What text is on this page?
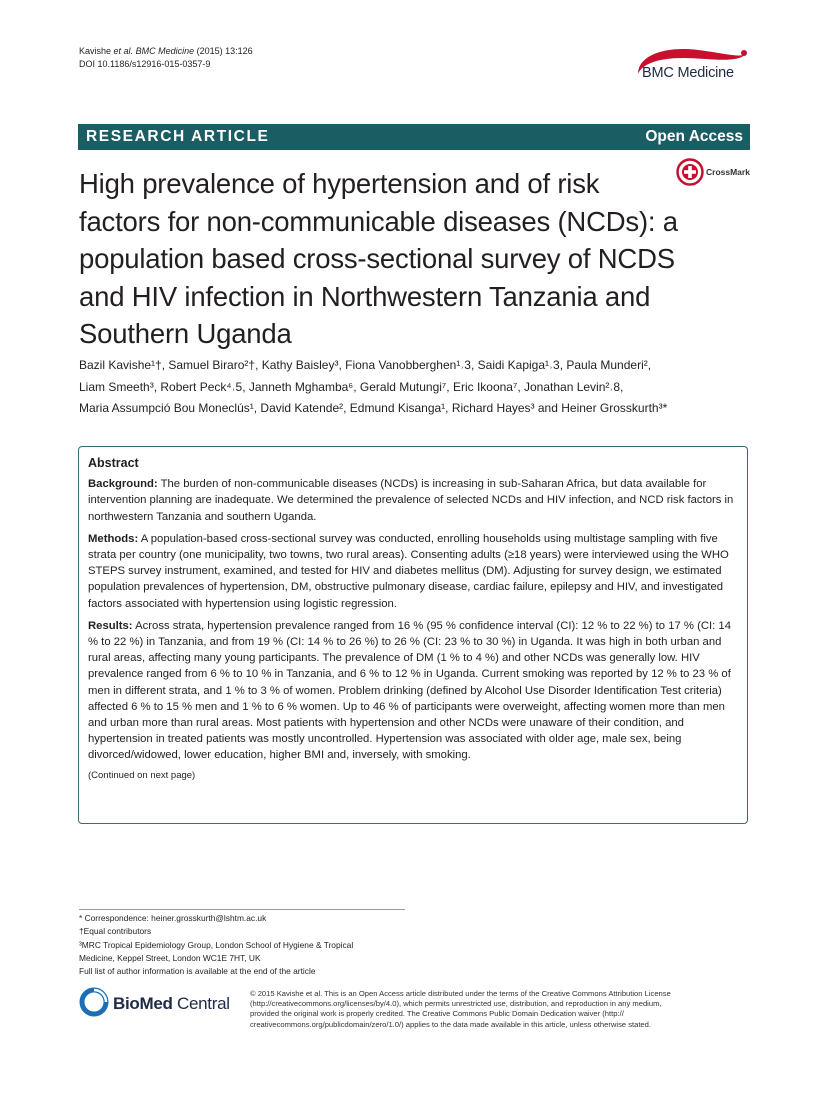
Kavishe et al. BMC Medicine (2015) 13:126
DOI 10.1186/s12916-015-0357-9
BMC Medicine
RESEARCH ARTICLE	Open Access
High prevalence of hypertension and of risk factors for non-communicable diseases (NCDs): a population based cross-sectional survey of NCDS and HIV infection in Northwestern Tanzania and Southern Uganda
CrossMark

Bazil Kavishe¹†, Samuel Biraro²†, Kathy Baisley³, Fiona Vanobberghen¹˒3, Saidi Kapiga¹˒3, Paula Munderi²,

Liam Smeeth³, Robert Peck⁴˒5, Janneth Mghamba⁶, Gerald Mutungi⁷, Eric Ikoona⁷, Jonathan Levin²˒8,

Maria Assumpció Bou Moneclús¹, David Katende², Edmund Kisanga¹, Richard Hayes³ and Heiner Grosskurth³*

Abstract

Background: The burden of non-communicable diseases (NCDs) is increasing in sub-Saharan Africa, but data available for intervention planning are inadequate. We determined the prevalence of selected NCDs and HIV infection, and NCD risk factors in northwestern Tanzania and southern Uganda.

Methods: A population-based cross-sectional survey was conducted, enrolling households using multistage sampling with five strata per country (one municipality, two towns, two rural areas). Consenting adults (≥18 years) were interviewed using the WHO STEPS survey instrument, examined, and tested for HIV and diabetes mellitus (DM). Adjusting for survey design, we estimated population prevalences of hypertension, DM, obstructive pulmonary disease, cardiac failure, epilepsy and HIV, and investigated factors associated with hypertension using logistic regression.

Results: Across strata, hypertension prevalence ranged from 16 % (95 % confidence interval (CI): 12 % to 22 %) to 17 % (CI: 14 % to 22 %) in Tanzania, and from 19 % (CI: 14 % to 26 %) to 26 % (CI: 23 % to 30 %) in Uganda. It was high in both urban and rural areas, affecting many young participants. The prevalence of DM (1 % to 4 %) and other NCDs was generally low. HIV prevalence ranged from 6 % to 10 % in Tanzania, and 6 % to 12 % in Uganda. Current smoking was reported by 12 % to 23 % of men in different strata, and 1 % to 3 % of women. Problem drinking (defined by Alcohol Use Disorder Identification Test criteria) affected 6 % to 15 % men and 1 % to 6 % women. Up to 46 % of participants were overweight, affecting women more than men and urban more than rural areas. Most patients with hypertension and other NCDs were unaware of their condition, and hypertension in treated patients was mostly uncontrolled. Hypertension was associated with older age, male sex, being divorced/widowed, lower education, higher BMI and, inversely, with smoking.

(Continued on next page)

* Correspondence: heiner.grosskurth@lshtm.ac.uk

†Equal contributors

³MRC Tropical Epidemiology Group, London School of Hygiene & Tropical

Medicine, Keppel Street, London WC1E 7HT, UK

Full list of author information is available at the end of the article

BioMed Central

© 2015 Kavishe et al. This is an Open Access article distributed under the terms of the Creative Commons Attribution License

(http://creativecommons.org/licenses/by/4.0), which permits unrestricted use, distribution, and reproduction in any medium,

provided the original work is properly credited. The Creative Commons Public Domain Dedication waiver (http://

creativecommons.org/publicdomain/zero/1.0/) applies to the data made available in this article, unless otherwise stated.
